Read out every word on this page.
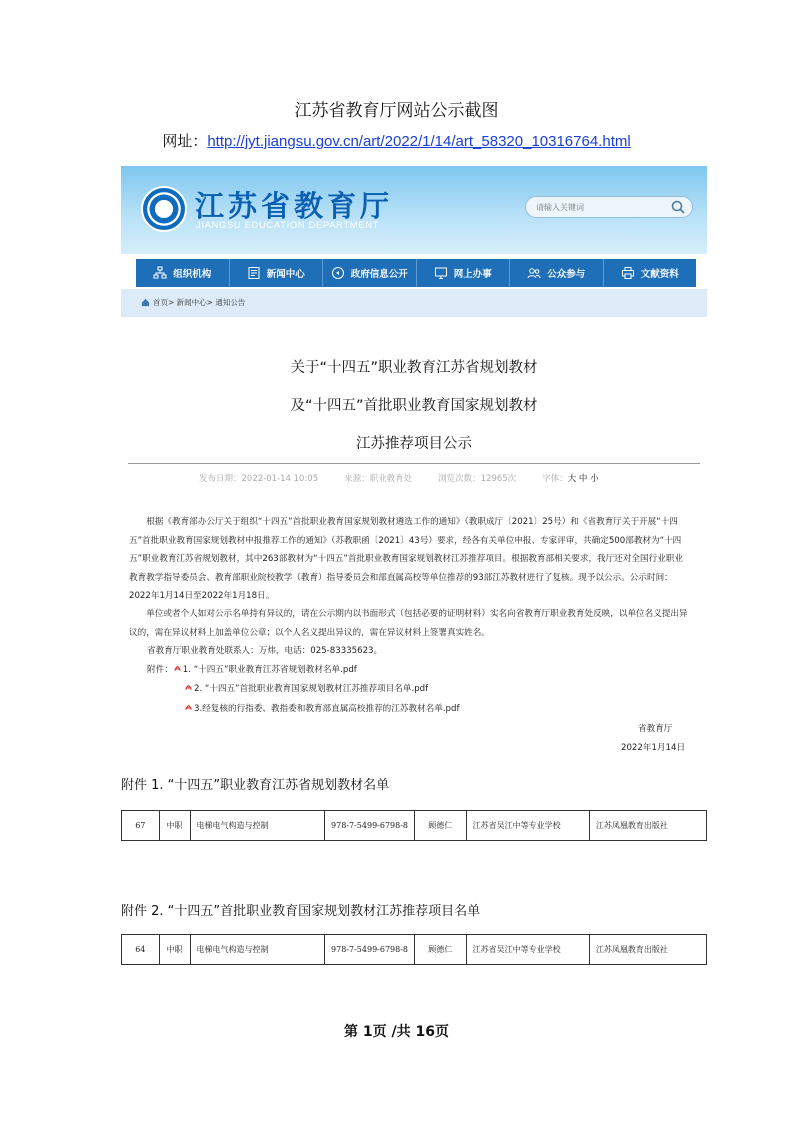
江苏省教育厅网站公示截图
网址：http://jyt.jiangsu.gov.cn/art/2022/1/14/art_58320_10316764.html
江苏省教育厅
JIANGSU EDUCATION DEPARTMENT
请输入关键词
组织机构	新闻中心	政府信息公开	网上办事	公众参与	文献资料
首页> 新闻中心> 通知公告
关于“十四五”职业教育江苏省规划教材
及“十四五”首批职业教育国家规划教材
江苏推荐项目公示
发布日期：2022-01-14 10:05	来源：职业教育处	浏览次数：12965次	字体：大 中 小
根据《教育部办公厅关于组织“十四五”首批职业教育国家规划教材遴选工作的通知》（教职成厅〔2021〕25号）和《省教育厅关于开展“十四五”首批职业教育国家规划教材申报推荐工作的通知》（苏教职函〔2021〕43号）要求，经各有关单位申报、专家评审，共确定500部教材为“十四五”职业教育江苏省规划教材，其中263部教材为“十四五”首批职业教育国家规划教材江苏推荐项目。根据教育部相关要求，我厅还对全国行业职业教育教学指导委员会、教育部职业院校教学（教育）指导委员会和部直属高校等单位推荐的93部江苏教材进行了复核。现予以公示。公示时间：2022年1月14日至2022年1月18日。
单位或者个人如对公示名单持有异议的，请在公示期内以书面形式（包括必要的证明材料）实名向省教育厅职业教育处反映，以单位名义提出异议的，需在异议材料上加盖单位公章；以个人名义提出异议的，需在异议材料上签署真实姓名。
省教育厅职业教育处联系人：万炜，电话：025-83335623。
附件： 1. “十四五”职业教育江苏省规划教材名单.pdf
2. “十四五”首批职业教育国家规划教材江苏推荐项目名单.pdf
3.经复核的行指委、教指委和教育部直属高校推荐的江苏教材名单.pdf
省教育厅
2022年1月14日
附件 1. “十四五”职业教育江苏省规划教材名单
67	中职	电梯电气构造与控制	978-7-5499-6798-8	顾德仁	江苏省吴江中等专业学校	江苏凤凰教育出版社
附件 2. “十四五”首批职业教育国家规划教材江苏推荐项目名单
64	中职	电梯电气构造与控制	978-7-5499-6798-8	顾德仁	江苏省吴江中等专业学校	江苏凤凰教育出版社
第 1页 /共 16页
